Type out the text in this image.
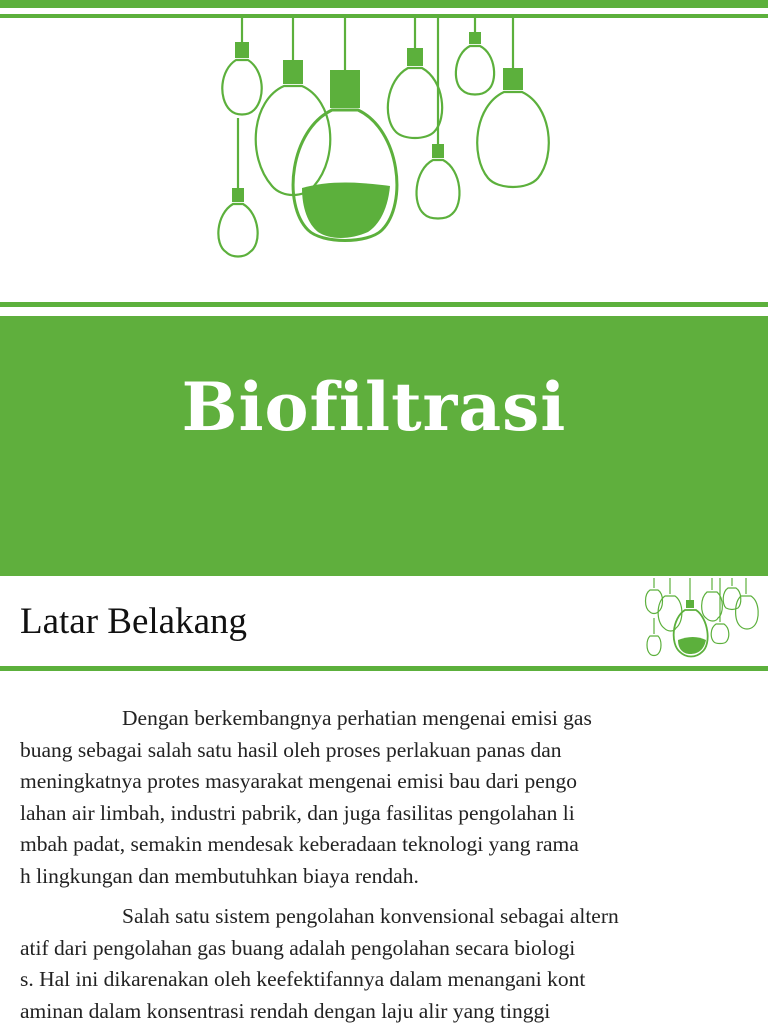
Biofiltrasi
Latar Belakang

Dengan berkembangnya perhatian mengenai emisi gas
buang sebagai salah satu hasil oleh proses perlakuan panas dan
meningkatnya protes masyarakat mengenai emisi bau dari pengo
lahan air limbah, industri pabrik, dan juga fasilitas pengolahan li
mbah padat, semakin mendesak keberadaan teknologi yang rama
h lingkungan dan membutuhkan biaya rendah.

Salah satu sistem pengolahan konvensional sebagai altern
atif dari pengolahan gas buang adalah pengolahan secara biologi
s. Hal ini dikarenakan oleh keefektifannya dalam menangani kont
aminan dalam konsentrasi rendah dengan laju alir yang tinggi
